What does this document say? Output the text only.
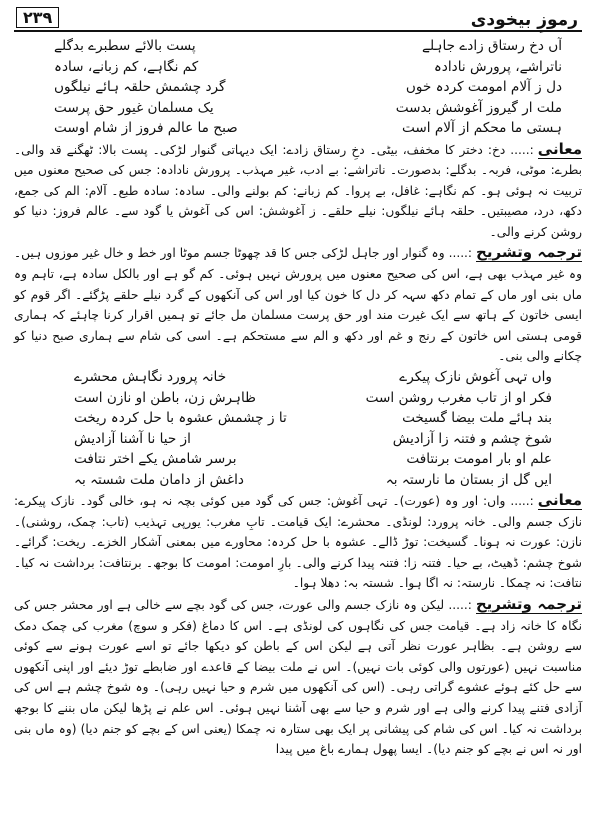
رموزِ بیخودی
۲۳۹
آں دخ رستاق زادے جاہلے
پست بالائے سطبرے بدگلے
ناتراشے، پرورش نادادہ
کم نگاہے، کم زبانے، سادہ
دل ز آلام امومت کردہ خوں
گرد چشمش حلقہ ہائے نیلگوں
ملت ار گیروز آغوشش بدست
یک مسلمان غیور حق پرست
ہستی ما محکم از آلام است
صبح ما عالم فروز از شام اوست

معانی:..... دخ: دختر کا مخفف، بیٹی۔ دخِ رستاق زادے: ایک دیہاتی گنوار لڑکی۔ پست بالا: ٹھگنے قد والی۔ بطرے: موٹی، فربہ۔ بدگلے: بدصورت۔ ناتراشے: بے ادب، غیر مہذب۔ پرورش نادادہ: جس کی صحیح معنوں میں تربیت نہ ہوئی ہو۔ کم نگاہے: غافل، بے پروا۔ کم زبانے: کم بولنے والی۔ سادہ: سادہ طبع۔ آلام: الم کی جمع، دکھ، درد، مصیبتیں۔ حلقہ ہائے نیلگوں: نیلے حلقے۔ ز آغوشش: اس کی آغوش یا گود سے۔ عالم فروز: دنیا کو روشن کرنے والی۔

ترجمہ وتشریح:..... وہ گنوار اور جاہل لڑکی جس کا قد چھوٹا جسم موٹا اور خط و خال غیر موزوں ہیں۔ وہ غیر مہذب بھی ہے، اس کی صحیح معنوں میں پرورش نہیں ہوئی۔ کم گو ہے اور بالکل سادہ ہے، تاہم وہ ماں بنی اور ماں کے تمام دکھ سہہ کر دل کا خون کیا اور اس کی آنکھوں کے گرد نیلے حلقے پڑگئے۔ اگر قوم کو ایسی خاتون کے ہاتھ سے ایک غیرت مند اور حق پرست مسلمان مل جائے تو ہمیں اقرار کرنا چاہئے کہ ہماری قومی ہستی اس خاتون کے رنج و غم اور دکھ و الم سے مستحکم ہے۔ اسی کی شام سے ہماری صبح دنیا کو چکانے والی بنی۔

واں تہی آغوش نازک پیکرے
خانہ پرورد نگاہش محشرے
فکر او از تاب مغرب روشن است
ظاہرش زن، باطن او نازن است
بند ہائے ملت بیضا گسیخت
تا ز چشمش عشوہ با حل کردہ ریخت
شوخ چشم و فتنہ زا آزادیش
از حیا نا آشنا آزادیش
علم او بار امومت برنتافت
برسر شامش یکے اختر نتافت
ایں گل از بستان ما نارستہ بہ
داغش از دامان ملت شستہ بہ

معانی:..... واں: اور وہ (عورت)۔ تہی آغوش: جس کی گود میں کوئی بچہ نہ ہو، خالی گود۔ نازک پیکرے: نازک جسم والی۔ خانہ پرورد: لونڈی۔ محشرے: ایک قیامت۔ تابِ مغرب: یورپی تہذیب (تاب: چمک، روشنی)۔ نازن: عورت نہ ہونا۔ گسیخت: توڑ ڈالے۔ عشوہ با حل کردہ: محاورے میں بمعنی آشکار الخزے۔ ریخت: گرائے۔ شوخ چشم: ڈھیٹ، بے حیا۔ فتنہ زا: فتنہ پیدا کرنے والی۔ بارِ امومت: امومت کا بوجھ۔ برنتافت: برداشت نہ کیا۔ نتافت: نہ چمکا۔ نارستہ: نہ اگا ہوا۔ شستہ بہ: دھلا ہوا۔

ترجمہ وتشریح:..... لیکن وہ نازک جسم والی عورت، جس کی گود بچے سے خالی ہے اور محشر جس کی نگاہ کا خانہ زاد ہے۔ قیامت جس کی نگاہوں کی لونڈی ہے۔ اس کا دماغ (فکر و سوچ) مغرب کی چمک دمک سے روشن ہے۔ بظاہر عورت نظر آتی ہے لیکن اس کے باطن کو دیکھا جائے تو اسے عورت ہونے سے کوئی مناسبت نہیں (عورتوں والی کوئی بات نہیں)۔ اس نے ملت بیضا کے قاعدے اور ضابطے توڑ دیئے اور اپنی آنکھوں سے حل کئے ہوئے عشوے گراتی رہی۔ (اس کی آنکھوں میں شرم و حیا نہیں رہی)۔ وہ شوخ چشم ہے اس کی آزادی فتنے پیدا کرنے والی ہے اور شرم و حیا سے بھی آشنا نہیں ہوئی۔ اس علم نے پڑھا لیکن ماں بننے کا بوجھ برداشت نہ کیا۔ اس کی شام کی پیشانی پر ایک بھی ستارہ نہ چمکا (یعنی اس کے بچے کو جنم دیا) (وہ ماں بنی اور نہ اس نے بچے کو جنم دیا)۔ ایسا پھول ہمارے باغ میں پیدا
